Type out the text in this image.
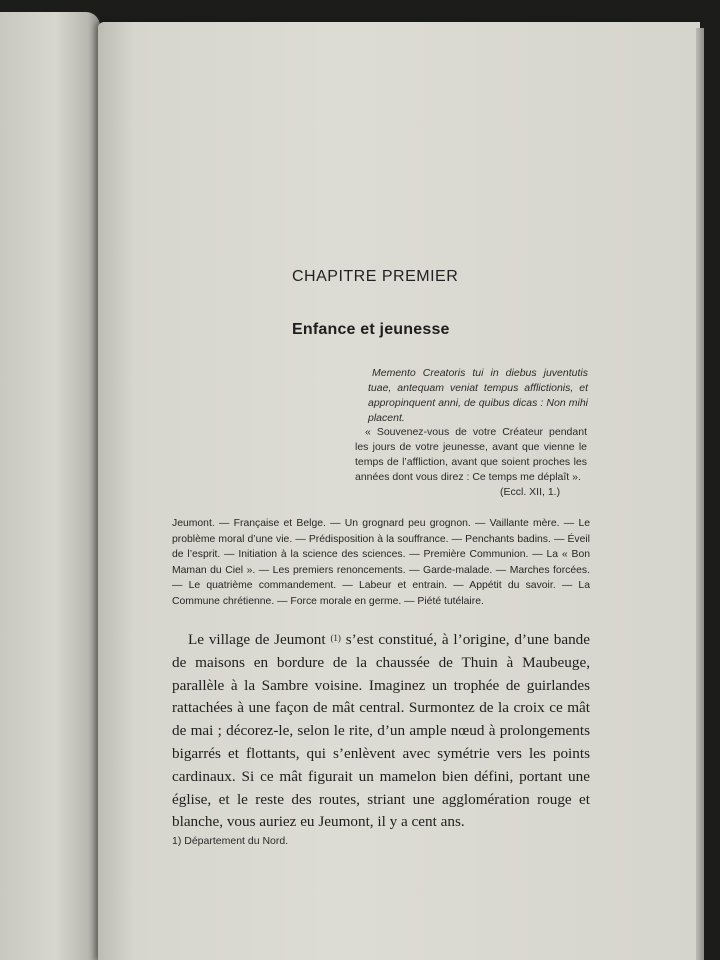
CHAPITRE PREMIER
Enfance et jeunesse
Memento Creatoris tui in diebus juventutis tuae, antequam veniat tempus afflictionis, et appropinquent anni, de quibus dicas : Non mihi placent.
« Souvenez-vous de votre Créateur pendant les jours de votre jeunesse, avant que vienne le temps de l’affliction, avant que soient proches les années dont vous direz : Ce temps me déplaît ».
(Eccl. XII, 1.)
Jeumont. — Française et Belge. — Un grognard peu grognon. — Vaillante mère. — Le problème moral d’une vie. — Prédisposition à la souffrance. — Penchants badins. — Éveil de l’esprit. — Initiation à la science des sciences. — Première Communion. — La « Bon Maman du Ciel ». — Les premiers renoncements. — Garde-malade. — Marches forcées. — Le quatrième commandement. — Labeur et entrain. — Appétit du savoir. — La Commune chrétienne. — Force morale en germe. — Piété tutélaire.
Le village de Jeumont $^{(1)}$ s’est constitué, à l’origine, d’une bande de maisons en bordure de la chaussée de Thuin à Maubeuge, parallèle à la Sambre voisine. Imaginez un trophée de guirlandes rattachées à une façon de mât central. Surmontez de la croix ce mât de mai ; décorez-le, selon le rite, d’un ample nœud à prolongements bigarrés et flottants, qui s’enlèvent avec symétrie vers les points cardinaux. Si ce mât figurait un mamelon bien défini, portant une église, et le reste des routes, striant une agglomération rouge et blanche, vous auriez eu Jeumont, il y a cent ans.
1) Département du Nord.
